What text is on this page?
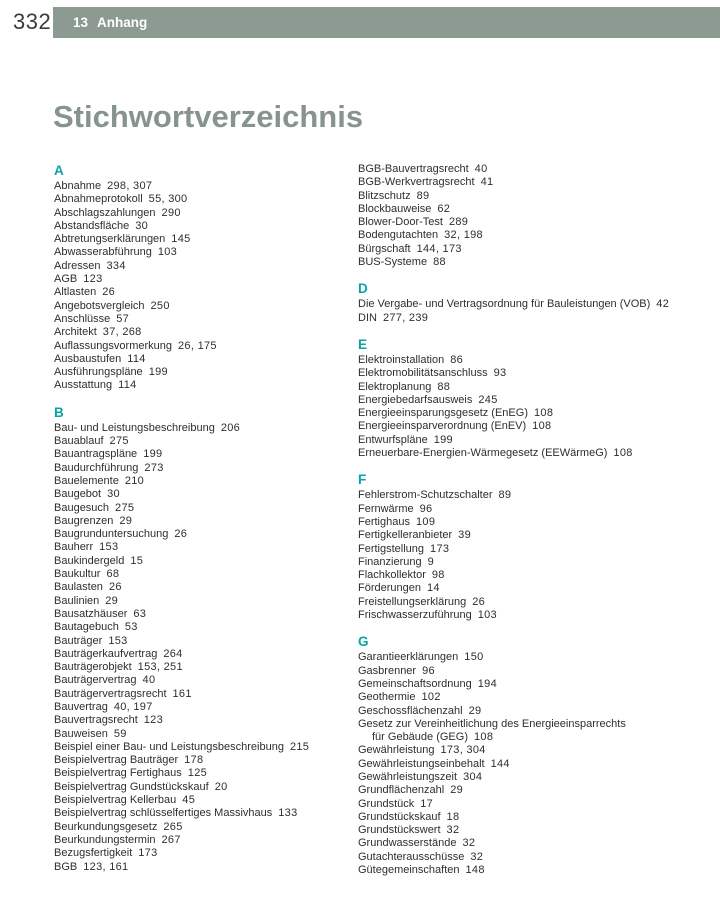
332	13 Anhang
Stichwortverzeichnis
A
Abnahme 298, 307
Abnahmeprotokoll 55, 300
Abschlagszahlungen 290
Abstandsfläche 30
Abtretungserklärungen 145
Abwasserabführung 103
Adressen 334
AGB 123
Altlasten 26
Angebotsvergleich 250
Anschlüsse 57
Architekt 37, 268
Auflassungsvormerkung 26, 175
Ausbaustufen 114
Ausführungspläne 199
Ausstattung 114
B
Bau- und Leistungsbeschreibung 206
Bauablauf 275
Bauantragspläne 199
Baudurchführung 273
Bauelemente 210
Baugebot 30
Baugesuch 275
Baugrenzen 29
Baugrunduntersuchung 26
Bauherr 153
Baukindergeld 15
Baukultur 68
Baulasten 26
Baulinien 29
Bausatzhäuser 63
Bautagebuch 53
Bauträger 153
Bauträgerkaufvertrag 264
Bauträgerobjekt 153, 251
Bauträgervertrag 40
Bauträgervertragsrecht 161
Bauvertrag 40, 197
Bauvertragsrecht 123
Bauweisen 59
Beispiel einer Bau- und Leistungsbeschreibung 215
Beispielvertrag Bauträger 178
Beispielvertrag Fertighaus 125
Beispielvertrag Gundstückskauf 20
Beispielvertrag Kellerbau 45
Beispielvertrag schlüsselfertiges Massivhaus 133
Beurkundungsgesetz 265
Beurkundungstermin 267
Bezugsfertigkeit 173
BGB 123, 161
BGB-Bauvertragsrecht 40
BGB-Werkvertragsrecht 41
Blitzschutz 89
Blockbauweise 62
Blower-Door-Test 289
Bodengutachten 32, 198
Bürgschaft 144, 173
BUS-Systeme 88
D
Die Vergabe- und Vertragsordnung für Bauleistungen (VOB) 42
DIN 277, 239
E
Elektroinstallation 86
Elektromobilitätsanschluss 93
Elektroplanung 88
Energiebedarfsausweis 245
Energieeinsparungsgesetz (EnEG) 108
Energieeinsparverordnung (EnEV) 108
Entwurfspläne 199
Erneuerbare-Energien-Wärmegesetz (EEWärmeG) 108
F
Fehlerstrom-Schutzschalter 89
Fernwärme 96
Fertighaus 109
Fertigkelleranbieter 39
Fertigstellung 173
Finanzierung 9
Flachkollektor 98
Förderungen 14
Freistellungserklärung 26
Frischwasserzuführung 103
G
Garantieerklärungen 150
Gasbrenner 96
Gemeinschaftsordnung 194
Geothermie 102
Geschossflächenzahl 29
Gesetz zur Vereinheitlichung des Energieeinsparrechts
für Gebäude (GEG) 108
Gewährleistung 173, 304
Gewährleistungseinbehalt 144
Gewährleistungszeit 304
Grundflächenzahl 29
Grundstück 17
Grundstückskauf 18
Grundstückswert 32
Grundwasserstände 32
Gutachterausschüsse 32
Gütegemeinschaften 148
